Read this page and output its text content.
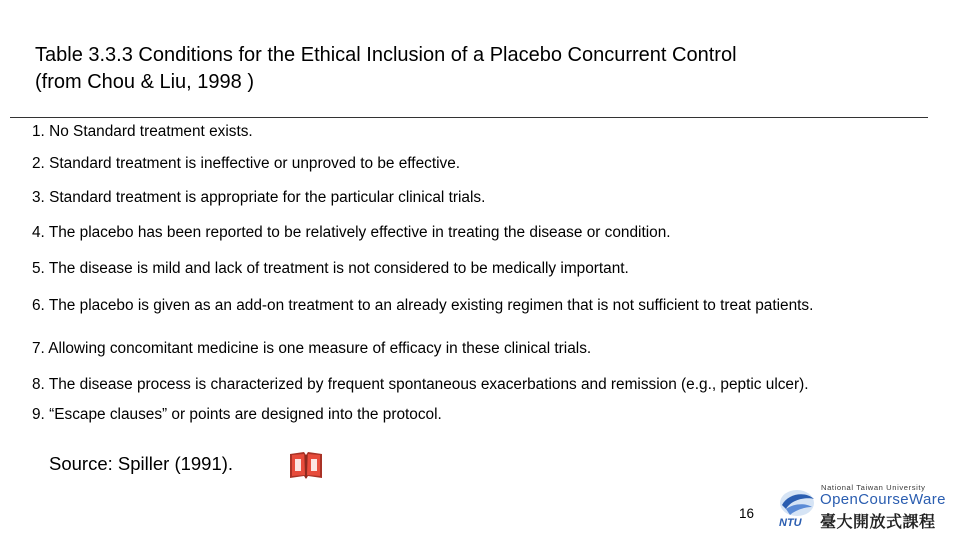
Table 3.3.3 Conditions for the Ethical Inclusion of a Placebo Concurrent Control
(from Chou & Liu, 1998 )
1. No Standard treatment exists.
2. Standard treatment is ineffective or unproved to be effective.
3. Standard treatment is appropriate for the particular clinical trials.
4. The placebo has been reported to be relatively effective in treating the disease or condition.
5. The disease is mild and lack of treatment is not considered to be medically important.
6. The placebo is given as an add-on treatment to an already existing regimen that is not sufficient to treat patients.
7. Allowing concomitant medicine is one measure of efficacy in these clinical trials.
8. The disease process is characterized by frequent spontaneous exacerbations and remission (e.g., peptic ulcer).
9. “Escape clauses” or points are designed into the protocol.
Source: Spiller (1991).
16
NTU
National Taiwan University
OpenCourseWare
臺大開放式課程
